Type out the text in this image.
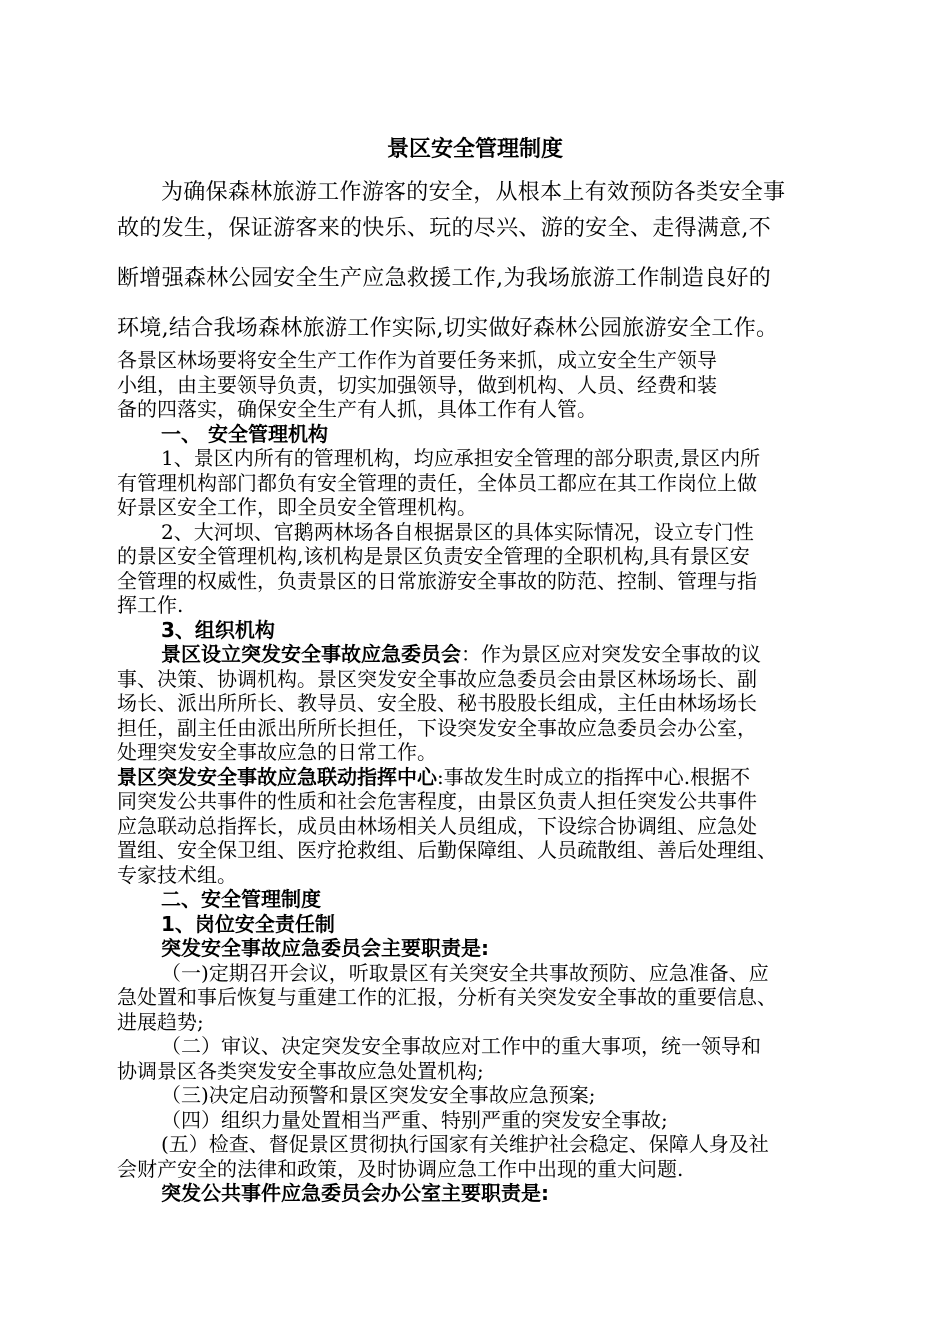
景区安全管理制度
为确保森林旅游工作游客的安全，从根本上有效预防各类安全事
故的发生，保证游客来的快乐、玩的尽兴、游的安全、走得满意,不
断增强森林公园安全生产应急救援工作,为我场旅游工作制造良好的
环境,结合我场森林旅游工作实际,切实做好森林公园旅游安全工作。

各景区林场要将安全生产工作作为首要任务来抓，成立安全生产领导

小组，由主要领导负责，切实加强领导，做到机构、人员、经费和装

备的四落实，确保安全生产有人抓，具体工作有人管。

一、 安全管理机构

1、景区内所有的管理机构，均应承担安全管理的部分职责,景区内所

有管理机构部门都负有安全管理的责任，全体员工都应在其工作岗位上做

好景区安全工作，即全员安全管理机构。

2、大河坝、官鹅两林场各自根据景区的具体实际情况，设立专门性

的景区安全管理机构,该机构是景区负责安全管理的全职机构,具有景区安

全管理的权威性，负责景区的日常旅游安全事故的防范、控制、管理与指

挥工作.

3、组织机构

景区设立突发安全事故应急委员会：作为景区应对突发安全事故的议

事、决策、协调机构。景区突发安全事故应急委员会由景区林场场长、副

场长、派出所所长、教导员、安全股、秘书股股长组成，主任由林场场长

担任，副主任由派出所所长担任，下设突发安全事故应急委员会办公室，

处理突发安全事故应急的日常工作。

景区突发安全事故应急联动指挥中心:事故发生时成立的指挥中心.根据不

同突发公共事件的性质和社会危害程度，由景区负责人担任突发公共事件

应急联动总指挥长，成员由林场相关人员组成，下设综合协调组、应急处

置组、安全保卫组、医疗抢救组、后勤保障组、人员疏散组、善后处理组、

专家技术组。

二、安全管理制度

1、岗位安全责任制

突发安全事故应急委员会主要职责是:

（一)定期召开会议，听取景区有关突安全共事故预防、应急准备、应

急处置和事后恢复与重建工作的汇报，分析有关突发安全事故的重要信息、

进展趋势;

（二）审议、决定突发安全事故应对工作中的重大事项，统一领导和

协调景区各类突发安全事故应急处置机构;

（三)决定启动预警和景区突发安全事故应急预案;

（四）组织力量处置相当严重、特别严重的突发安全事故;

(五）检查、督促景区贯彻执行国家有关维护社会稳定、保障人身及社

会财产安全的法律和政策，及时协调应急工作中出现的重大问题.

突发公共事件应急委员会办公室主要职责是:
